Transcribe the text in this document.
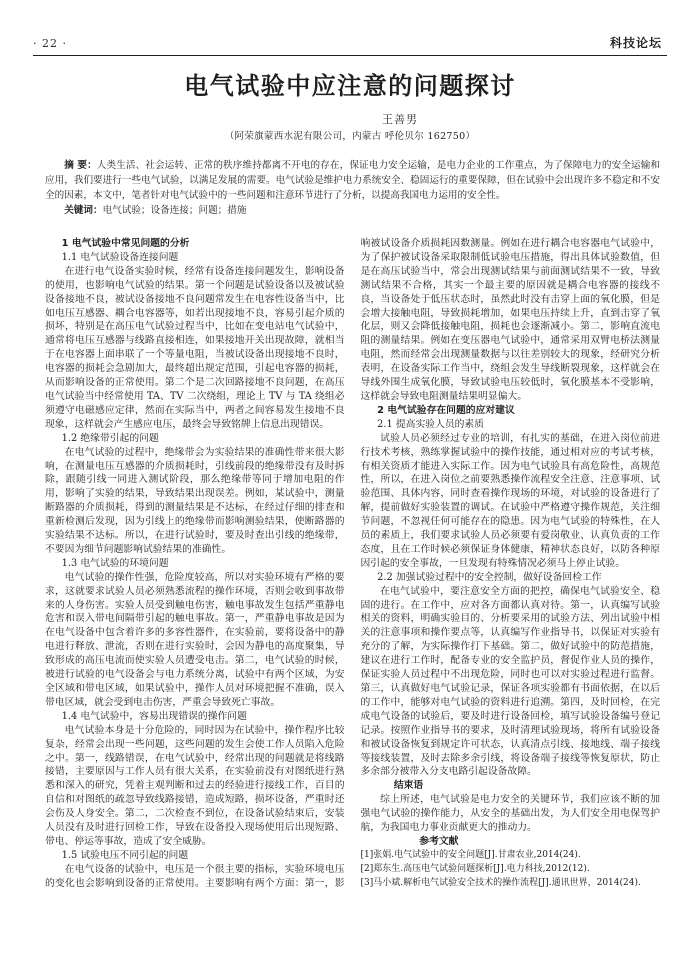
· 22 ·	科技论坛
电气试验中应注意的问题探讨
王善男
（阿荣旗蒙西水泥有限公司，内蒙古 呼伦贝尔 162750）

摘 要：人类生活、社会运转、正常的秩序维持都离不开电的存在，保证电力安全运输，是电力企业的工作重点，为了保障电力的安全运输和应用，我们要进行一些电气试验，以满足发展的需要。电气试验是维护电力系统安全、稳固运行的重要保障，但在试验中会出现许多不稳定和不安全的因素，本文中，笔者针对电气试验中的一些问题和注意环节进行了分析，以提高我国电力运用的安全性。

关键词：电气试验；设备连接；问题；措施

1 电气试验中常见问题的分析
1.1 电气试验设备连接问题

在进行电气设备实验时候，经常有设备连接问题发生，影响设备的使用，也影响电气试验的结果。第一个问题是试验设备以及被试验设备接地不良，被试设备接地不良问题常发生在电容性设备当中，比如电压互感器、耦合电容器等，如若出现接地不良，容易引起介质的损坏，特别是在高压电气试验过程当中，比如在变电站电气试验中，通常将电压互感器与线路直接相连，如果接地开关出现故障，就相当于在电容器上面串联了一个等量电阻，当被试设备出现接地不良时，电容器的损耗会急剧加大，最终超出规定范围，引起电容器的损耗，从而影响设备的正常使用。第二个是二次回路接地不良问题，在高压电气试验当中经常使用 TA、TV 二次绕组，理论上 TV 与 TA 绕组必须遵守电磁感应定律，然而在实际当中，两者之间容易发生接地不良现象，这样就会产生感应电压，最终会导致铭牌上信息出现错误。

1.2 绝缘带引起的问题

在电气试验的过程中，绝缘带会为实验结果的准确性带来很大影响，在测量电压互感器的介质损耗时，引线前段的绝缘带没有及时拆除，跟随引线一同进入测试阶段，那么绝缘带等同于增加电阻的作用，影响了实验的结果，导致结果出现误差。例如，某试验中，测量断路器的介质损耗，得到的测量结果是不达标，在经过仔细的排查和重新检测后发现，因为引线上的绝缘带而影响测验结果，使断路器的实验结果不达标。所以，在进行试验时，要及时查出引线的绝缘带，不要因为细节问题影响试验结果的准确性。

1.3 电气试验的环境问题

电气试验的操作性强，危险度较高，所以对实验环境有严格的要求，这就要求试验人员必须熟悉流程的操作环境，否则会收到事故带来的人身伤害。实验人员受到触电伤害，触电事故发生包括严重静电危害和误入带电间隔带引起的触电事故。第一，严重静电事故是因为在电气设备中包含着许多的多容性器件，在实验前，要将设备中的静电进行释放、泄流，否则在进行实验时，会因为静电的高度聚集，导致形成的高压电流而使实验人员遭受电击。第二，电气试验的时候，被进行试验的电气设备会与电力系统分离，试验中有两个区域，为安全区域和带电区域，如果试验中，操作人员对环境把握不准确，误入带电区域，就会受到电击伤害，严重会导致死亡事故。

1.4 电气试验中，容易出现错误的操作问题

电气试验本身是十分危险的，同时因为在试验中，操作程序比较复杂，经常会出现一些问题，这些问题的发生会使工作人员陷入危险之中。第一，线路错误，在电气试验中，经常出现的问题就是将线路接错，主要原因与工作人员有很大关系，在实验前没有对图纸进行熟悉和深入的研究，凭着主观判断和过去的经验进行接线工作，百目的自信和对图纸的疏忽导致线路接错，造成短路，损坏设备，严重时还会伤及人身安全。第二，二次检查不到位，在设备试验结束后，安装人员没有及时进行回检工作，导致在设备投入现场使用后出现短路、带电、停运等事故，造成了安全威胁。

1.5 试验电压不同引起的问题

在电气设备的试验中，电压是一个很主要的指标，实验环境电压的变化也会影响到设备的正常使用。主要影响有两个方面：第一，影响被试设备介质损耗因数测量。例如在进行耦合电容器电气试验中，为了保护被试设备采取限制低试验电压措施，得出具体试验数值，但是在高压试验当中，常会出现测试结果与前面测试结果不一致，导致测试结果不合格，其实一个最主要的原因就是耦合电容器的接线不良，当设备处于低压状态时，虽然此时没有击穿上面的氧化膜，但是会增大接触电阻，导致损耗增加，如果电压持续上升，直到击穿了氧化层，则又会降低接触电阻，损耗也会逐渐减小。第二，影响直流电阻的测量结果。例如在变压器电气试验中，通常采用双臂电桥法测量电阻，然而经常会出现测量数据与以往差别较大的现象，经研究分析表明，在设备实际工作当中，绕组会发生导线断裂现象，这样就会在导线外围生成氧化膜，导致试验电压较低时，氧化膜基本不受影响，这样就会导致电阻测量结果明显偏大。

2 电气试验存在问题的应对建议
2.1 提高实验人员的素质

试验人员必须经过专业的培训，有扎实的基础，在进入岗位前进行技术考核，熟练掌握试验中的操作技能，通过相对应的考试考核，有相关资质才能进入实际工作。因为电气试验具有高危险性，高规范性，所以，在进入岗位之前要熟悉操作流程安全注意、注意事项、试验范围、具体内容，同时查看操作现场的环境，对试验的设备进行了解，提前做好实验装置的调试。在试验中严格遵守操作规范，关注细节问题，不忽视任何可能存在的隐患。因为电气试验的特殊性，在人员的素质上，我们要求试验人员必须要有爱岗敬业、认真负责的工作态度，且在工作时候必须保证身体健康，精神状态良好，以防各种原因引起的安全事故，一旦发现有特殊情况必须马上停止试验。

2.2 加强试验过程中的安全控制，做好设备回检工作

在电气试验中，要注意安全方面的把控，确保电气试验安全、稳固的进行。在工作中，应对各方面都认真对待。第一，认真编写试验相关的资料，明确实验目的、分析要采用的试验方法、列出试验中相关的注意事项和操作要点等，认真编写作业指导书，以保证对实验有充分的了解，为实际操作打下基础。第二，做好试验中的防范措施，建议在进行工作时，配备专业的安全监护员，督促作业人员的操作，保证实验人员过程中不出现危险，同时也可以对实验过程进行监督。第三，认真做好电气试验记录，保证各项实验都有书面依据，在以后的工作中，能够对电气试验的资料进行追溯。第四，及时回检，在完成电气设备的试验后，要及时进行设备回检，填写试验设备编号登记记录。按照作业指导书的要求，及时清理试验现场，将所有试验设备和被试设备恢复到规定许可状态，认真清点引线、接地线、端子接线等接线装置，及时去除多余引线，将设备端子接线等恢复原状，防止多余部分被带入分支电路引起设备故障。

结束语

综上所述，电气试验是电力安全的关键环节，我们应该不断的加强电气试验的操作能力，从安全的基础出发，为人们安全用电保驾护航，为我国电力事业贡献更大的推动力。

参考文献

[1]张娟.电气试验中的安全问题[J].甘肃农业,2014(24).

[2]郑东生.高压电气试验问题探析[J].电力科技,2012(12).

[3]马小斌.解析电气试验安全技术的操作流程[J].通讯世界，2014(24).
